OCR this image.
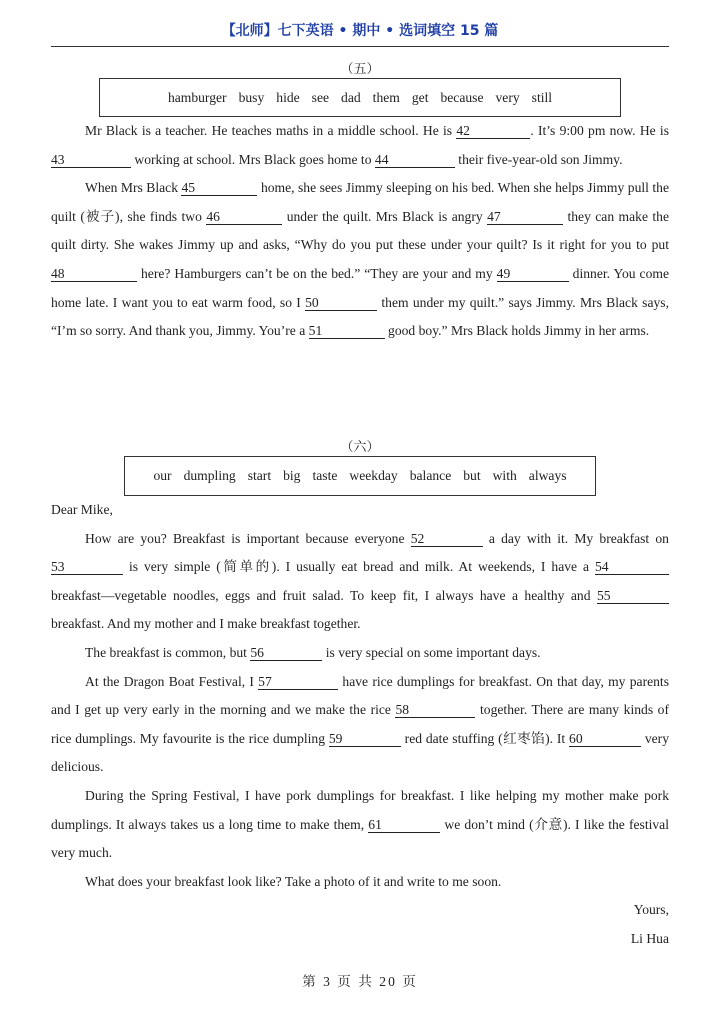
【北师】七下英语 • 期中 • 选词填空 15 篇
（五）
hamburger busy hide see dad them get because very still

Mr Black is a teacher. He teaches maths in a middle school. He is 42	. It’s 9:00 pm now. He is 43	working at school. Mrs Black goes home to 44	their five-year-old son Jimmy.

When Mrs Black 45	home, she sees Jimmy sleeping on his bed. When she helps Jimmy pull the quilt (被子), she finds two 46	under the quilt. Mrs Black is angry 47	they can make the quilt dirty. She wakes Jimmy up and asks, “Why do you put these under your quilt? Is it right for you to put 48	here? Hamburgers can’t be on the bed.” “They are your and my 49	dinner. You come home late. I want you to eat warm food, so I 50	them under my quilt.” says Jimmy. Mrs Black says, “I’m so sorry. And thank you, Jimmy. You’re a 51	good boy.” Mrs Black holds Jimmy in her arms.

（六）
our dumpling start big taste weekday balance but with always

Dear Mike,

How are you? Breakfast is important because everyone 52	a day with it. My breakfast on 53	is very simple (简单的). I usually eat bread and milk. At weekends, I have a 54 breakfast—vegetable noodles, eggs and fruit salad. To keep fit, I always have a healthy and 55 breakfast. And my mother and I make breakfast together.

The breakfast is common, but 56	is very special on some important days.

At the Dragon Boat Festival, I 57	have rice dumplings for breakfast. On that day, my parents and I get up very early in the morning and we make the rice 58	together. There are many kinds of rice dumplings. My favourite is the rice dumpling 59	red date stuffing (红枣馅). It 60	very delicious.

During the Spring Festival, I have pork dumplings for breakfast. I like helping my mother make pork dumplings. It always takes us a long time to make them, 61	we don’t mind (介意). I like the festival very much.

What does your breakfast look like? Take a photo of it and write to me soon.

Yours,
Li Hua
第 3 页 共 20 页
